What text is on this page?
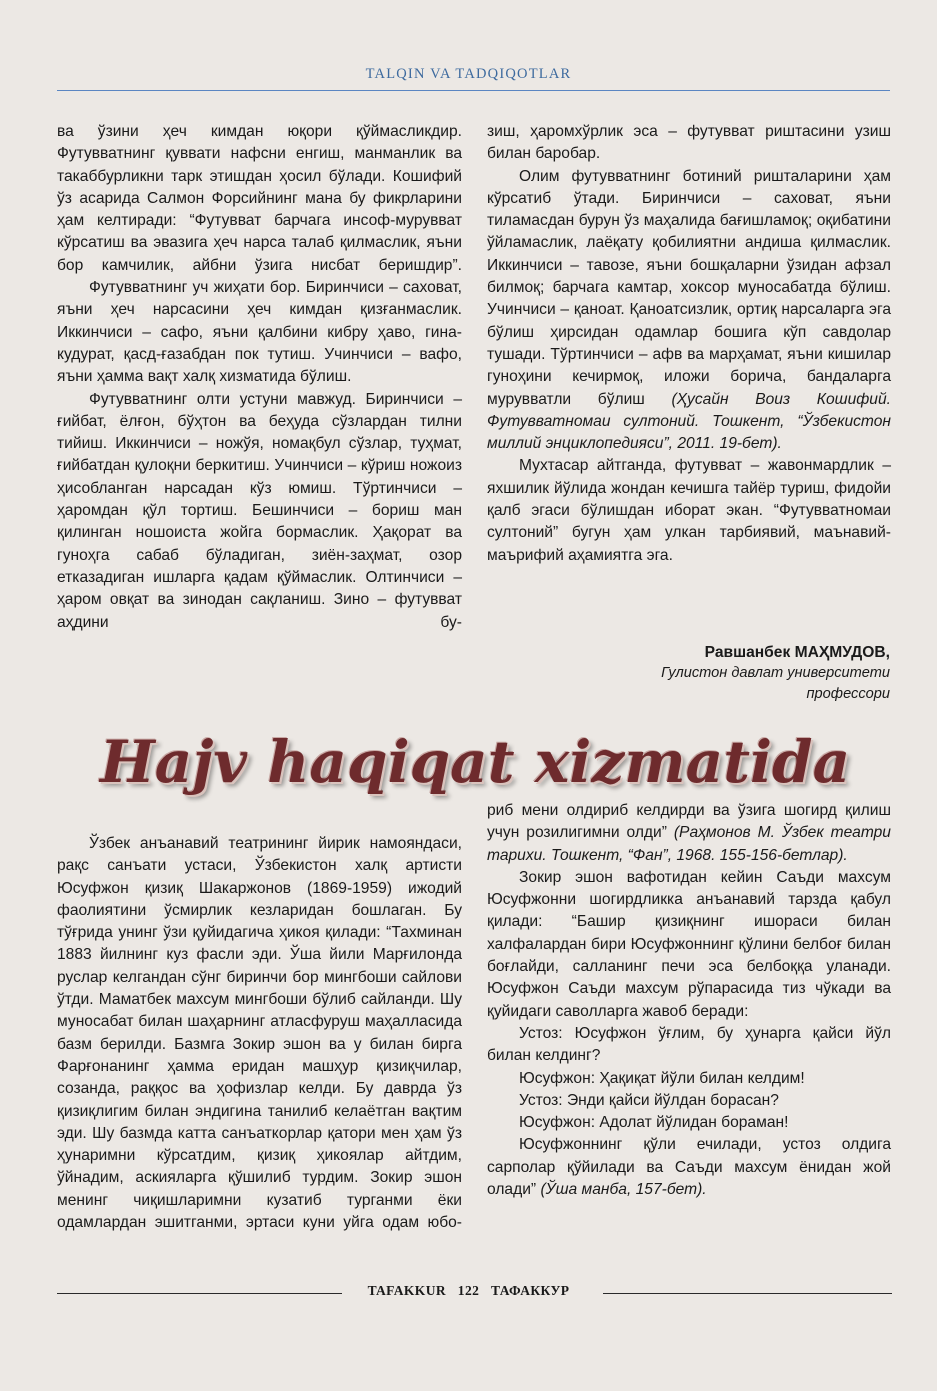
TALQIN VA TADQIQOTLAR

ва ўзини ҳеч кимдан юқори қўймасликдир. Футувватнинг қуввати нафсни енгиш, манманлик ва такаббурликни тарк этишдан ҳосил бўлади. Кошифий ўз асарида Салмон Форсийнинг мана бу фикрларини ҳам келтиради: “Футувват барчага инсоф-мурувват кўрсатиш ва эвазига ҳеч нарса талаб қилмаслик, яъни бор камчилик, айбни ўзига нисбат беришдир”.

Футувватнинг уч жиҳати бор. Биринчиси – саховат, яъни ҳеч нарсасини ҳеч кимдан қизғанмаслик. Иккинчиси – сафо, яъни қалбини кибру ҳаво, гина-кудурат, қасд-ғазабдан пок тутиш. Учинчиси – вафо, яъни ҳамма вақт халқ хизматида бўлиш.

Футувватнинг олти устуни мавжуд. Биринчиси – ғийбат, ёлғон, бўҳтон ва беҳуда сўзлардан тилни тийиш. Иккинчиси – ножўя, номақбул сўзлар, туҳмат, ғийбатдан қулоқни беркитиш. Учинчиси – кўриш ножоиз ҳисобланган нарсадан кўз юмиш. Тўртинчиси – ҳаромдан қўл тортиш. Бешинчиси – бориш ман қилинган ношоиста жойга бормаслик. Ҳақорат ва гуноҳга сабаб бўладиган, зиён-заҳмат, озор етказадиган ишларга қадам қўймаслик. Олтинчиси – ҳаром овқат ва зинодан сақланиш. Зино – футувват аҳдини бу-

зиш, ҳаромхўрлик эса – футувват риштасини узиш билан баробар.

Олим футувватнинг ботиний ришталарини ҳам кўрсатиб ўтади. Биринчиси – саховат, яъни тиламасдан бурун ўз маҳалида бағишламоқ; оқибатини ўйламаслик, лаёқату қобилиятни андиша қилмаслик. Иккинчиси – тавозе, яъни бошқаларни ўзидан афзал билмоқ; барчага камтар, хоксор муносабатда бўлиш. Учинчиси – қаноат. Қаноатсизлик, ортиқ нарсаларга эга бўлиш ҳирсидан одамлар бошига кўп савдолар тушади. Тўртинчиси – афв ва марҳамат, яъни кишилар гуноҳини кечирмоқ, иложи борича, бандаларга мурувватли бўлиш (Ҳусайн Воиз Кошифий. Футувватномаи султоний. Тошкент, “Ўзбекистон миллий энциклопедияси”, 2011. 19-бет).

Мухтасар айтганда, футувват – жавонмардлик – яхшилик йўлида жондан кечишга тайёр туриш, фидойи қалб эгаси бўлишдан иборат экан. “Футувватномаи султоний” бугун ҳам улкан тарбиявий, маънавий-маърифий аҳамиятга эга.

Равшанбек МАҲМУДОВ,
Гулистон давлат университети
профессори
Hajv haqiqat xizmatida

Ўзбек анъанавий театрининг йирик намояндаси, рақс санъати устаси, Ўзбекистон халқ артисти Юсуфжон қизиқ Шакаржонов (1869-1959) ижодий фаолиятини ўсмирлик кезларидан бошлаган. Бу тўғрида унинг ўзи қуйидагича ҳикоя қилади: “Тахминан 1883 йилнинг куз фасли эди. Ўша йили Марғилонда руслар келгандан сўнг биринчи бор мингбоши сайлови ўтди. Маматбек махсум мингбоши бўлиб сайланди. Шу муносабат билан шаҳарнинг атласфуруш маҳалласида базм берилди. Базмга Зокир эшон ва у билан бирга Фарғонанинг ҳамма еридан машҳур қизиқчилар, созанда, раққос ва ҳофизлар келди. Бу даврда ўз қизиқлигим билан эндигина танилиб келаётган вақтим эди. Шу базмда катта санъаткорлар қатори мен ҳам ўз ҳунаримни кўрсатдим, қизиқ ҳикоялар айтдим, ўйнадим, аскияларга қўшилиб турдим. Зокир эшон менинг чиқишларимни кузатиб турганми ёки одамлардан эшитганми, эртаси куни уйга одам юбо-

риб мени олдириб келдирди ва ўзига шогирд қилиш учун розилигимни олди” (Раҳмонов М. Ўзбек театри тарихи. Тошкент, “Фан”, 1968. 155-156-бетлар).

Зокир эшон вафотидан кейин Саъди махсум Юсуфжонни шогирдликка анъанавий тарзда қабул қилади: “Башир қизиқнинг ишораси билан халфалардан бири Юсуфжоннинг қўлини белбоғ билан боғлайди, салланинг печи эса белбоққа уланади. Юсуфжон Саъди махсум рўпарасида тиз чўкади ва қуйидаги саволларга жавоб беради:

Устоз: Юсуфжон ўғлим, бу ҳунарга қайси йўл билан келдинг?

Юсуфжон: Ҳақиқат йўли билан келдим!

Устоз: Энди қайси йўлдан борасан?

Юсуфжон: Адолат йўлидан бораман!

Юсуфжоннинг қўли ечилади, устоз олдига сарполар қўйилади ва Саъди махсум ёнидан жой олади” (Ўша манба, 157-бет).

TAFAKKUR 122 ТАФАККУР
